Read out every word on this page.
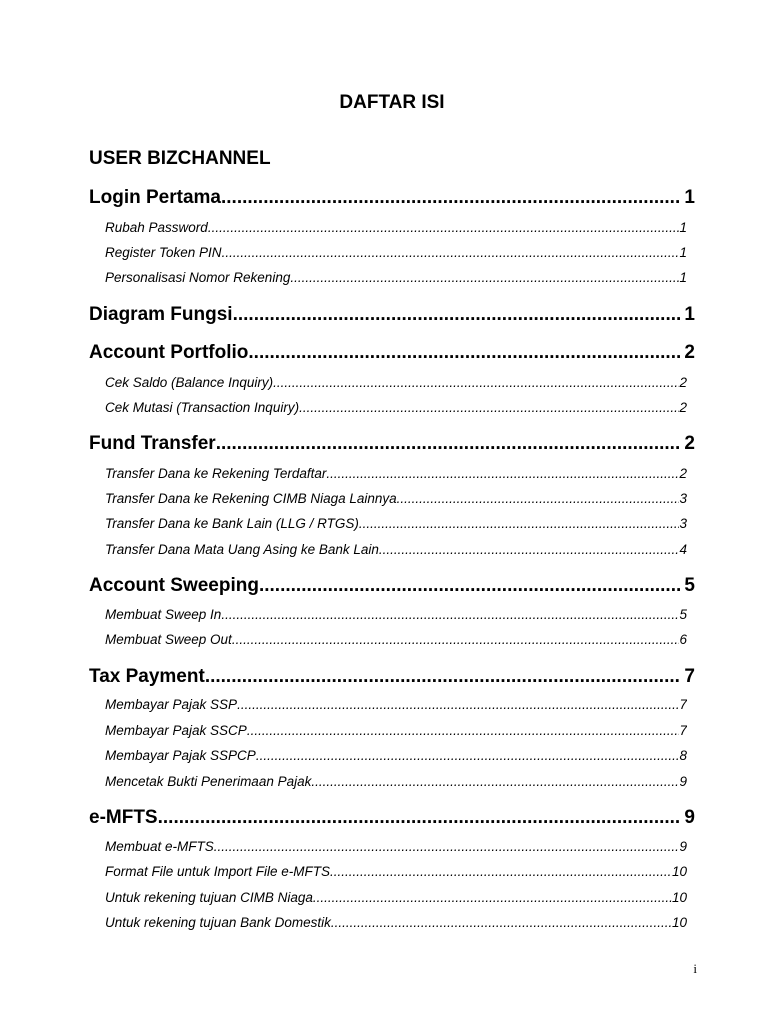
DAFTAR ISI
USER BIZCHANNEL
Login Pertama .....	1
Rubah Password .....	1
Register Token PIN .....	1
Personalisasi Nomor Rekening .....	1
Diagram Fungsi .....	1
Account Portfolio .....	2
Cek Saldo (Balance Inquiry) .....	2
Cek Mutasi (Transaction Inquiry) .....	2
Fund Transfer .....	2
Transfer Dana ke Rekening Terdaftar .....	2
Transfer Dana ke Rekening CIMB Niaga Lainnya. .....	3
Transfer Dana ke Bank Lain (LLG / RTGS) .....	3
Transfer Dana Mata Uang Asing ke Bank Lain .....	4
Account Sweeping .....	5
Membuat Sweep In .....	5
Membuat Sweep Out .....	6
Tax Payment .....	7
Membayar Pajak SSP .....	7
Membayar Pajak SSCP .....	7
Membayar Pajak SSPCP .....	8
Mencetak Bukti Penerimaan Pajak .....	9
e-MFTS .....	9
Membuat e-MFTS .....	9
Format File untuk Import File e-MFTS .....	10
Untuk rekening tujuan CIMB Niaga .....	10
Untuk rekening tujuan Bank Domestik .....	10
i
